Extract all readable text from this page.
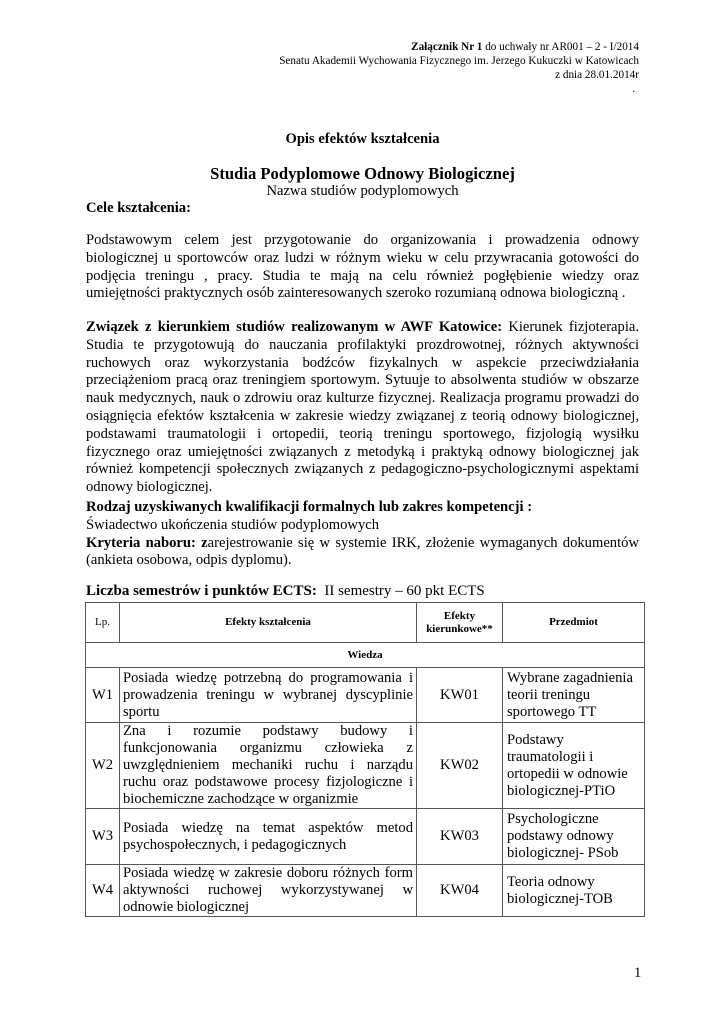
Załącznik Nr 1 do uchwały nr AR001 – 2 - I/2014
Senatu Akademii Wychowania Fizycznego im. Jerzego Kukuczki w Katowicach
z dnia 28.01.2014r
.
Opis efektów kształcenia
Studia Podyplomowe Odnowy Biologicznej
Nazwa studiów podyplomowych
Cele kształcenia:
Podstawowym celem jest przygotowanie do organizowania i prowadzenia odnowy biologicznej u sportowców oraz ludzi w różnym wieku w celu przywracania gotowości do podjęcia treningu , pracy. Studia te mają na celu również pogłębienie wiedzy oraz umiejętności praktycznych osób zainteresowanych szeroko rozumianą odnowa biologiczną .
Związek z kierunkiem studiów realizowanym w AWF Katowice: Kierunek fizjoterapia. Studia te przygotowują do nauczania profilaktyki prozdrowotnej, różnych aktywności ruchowych oraz wykorzystania bodźców fizykalnych w aspekcie przeciwdziałania przeciążeniom pracą oraz treningiem sportowym. Sytuuje to absolwenta studiów w obszarze nauk medycznych, nauk o zdrowiu oraz kulturze fizycznej. Realizacja programu prowadzi do osiągnięcia efektów kształcenia w zakresie wiedzy związanej z teorią odnowy biologicznej, podstawami traumatologii i ortopedii, teorią treningu sportowego, fizjologią wysiłku fizycznego oraz umiejętności związanych z metodyką i praktyką odnowy biologicznej jak również kompetencji społecznych związanych z pedagogiczno-psychologicznymi aspektami odnowy biologicznej.
Rodzaj uzyskiwanych kwalifikacji formalnych lub zakres kompetencji :
Świadectwo ukończenia studiów podyplomowych
Kryteria naboru: zarejestrowanie się w systemie IRK, złożenie wymaganych dokumentów (ankieta osobowa, odpis dyplomu).
Liczba semestrów i punktów ECTS:  II semestry – 60 pkt ECTS
Lp.	Efekty kształcenia	Efekty kierunkowe**	Przedmiot
Wiedza			
W1	Posiada wiedzę potrzebną do programowania i prowadzenia treningu w wybranej dyscyplinie sportu	KW01	Wybrane zagadnienia teorii treningu sportowego TT
W2	Zna i rozumie podstawy budowy i funkcjonowania organizmu człowieka z uwzględnieniem mechaniki ruchu i narządu ruchu oraz podstawowe procesy fizjologiczne i biochemiczne zachodzące w organizmie	KW02	Podstawy traumatologii i ortopedii w odnowie biologicznej-PTiO
W3	Posiada wiedzę na temat aspektów metod psychospołecznych, i pedagogicznych	KW03	Psychologiczne podstawy odnowy biologicznej- PSob
W4	Posiada wiedzę w zakresie doboru różnych form aktywności ruchowej wykorzystywanej w odnowie biologicznej	KW04	Teoria odnowy biologicznej-TOB
1
